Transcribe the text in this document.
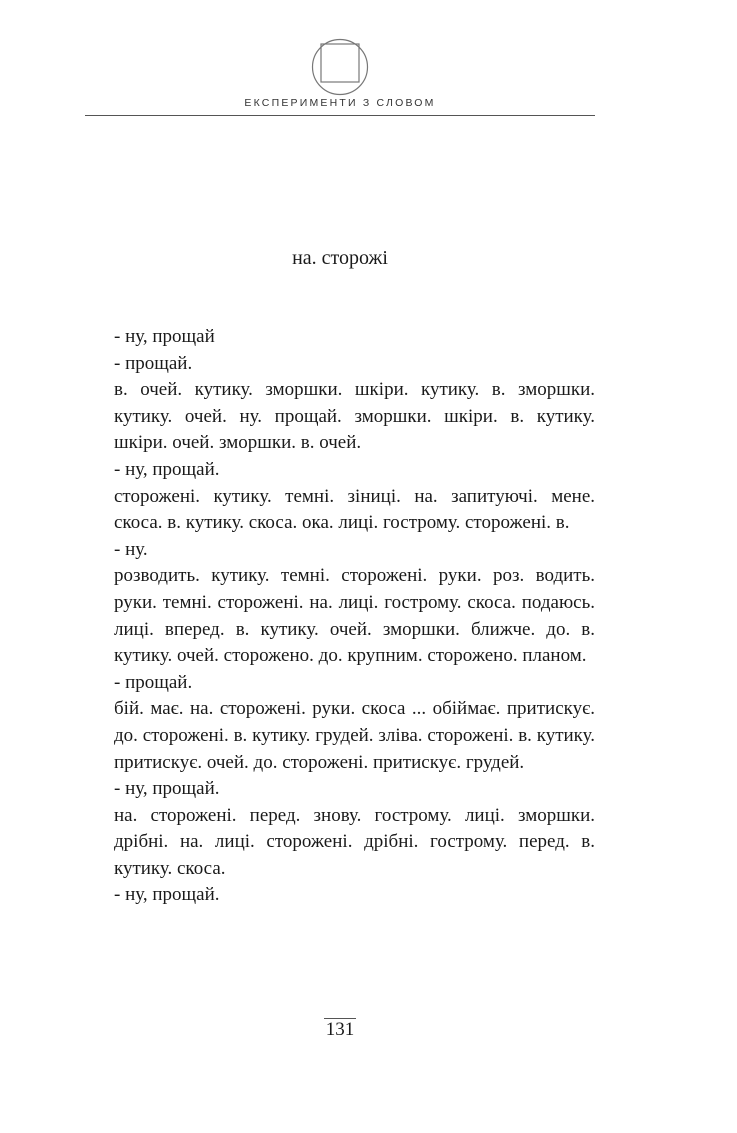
ЕКСПЕРИМЕНТИ З СЛОВОМ
на. сторожі

- ну, прощай

- прощай.

в. очей. кутику. зморшки. шкіри. кутику. в. зморшки. кутику. очей. ну. прощай. зморшки. шкіри. в. кутику. шкіри. очей. зморшки. в. очей.

- ну, прощай.

сторожені. кутику. темні. зіниці. на. запитуючі. мене. скоса. в. кутику. скоса. ока. лиці. гострому. сторожені. в.

- ну.

розводить. кутику. темні. сторожені. руки. роз. водить. руки. темні. сторожені. на. лиці. гострому. скоса. подаюсь. лиці. вперед. в. кутику. очей. зморшки. ближче. до. в. кутику. очей. сторожено. до. крупним. сторожено. планом.

- прощай.

бій. має. на. сторожені. руки. скоса ... обіймає. притискує. до. сторожені. в. кутику. грудей. зліва. сторожені. в. кутику. притискує. очей. до. сторожені. притискує. грудей.

- ну, прощай.

на. сторожені. перед. знову. гострому. лиці. зморшки. дрібні. на. лиці. сторожені. дрібні. гострому. перед. в. кутику. скоса.

- ну, прощай.

131
